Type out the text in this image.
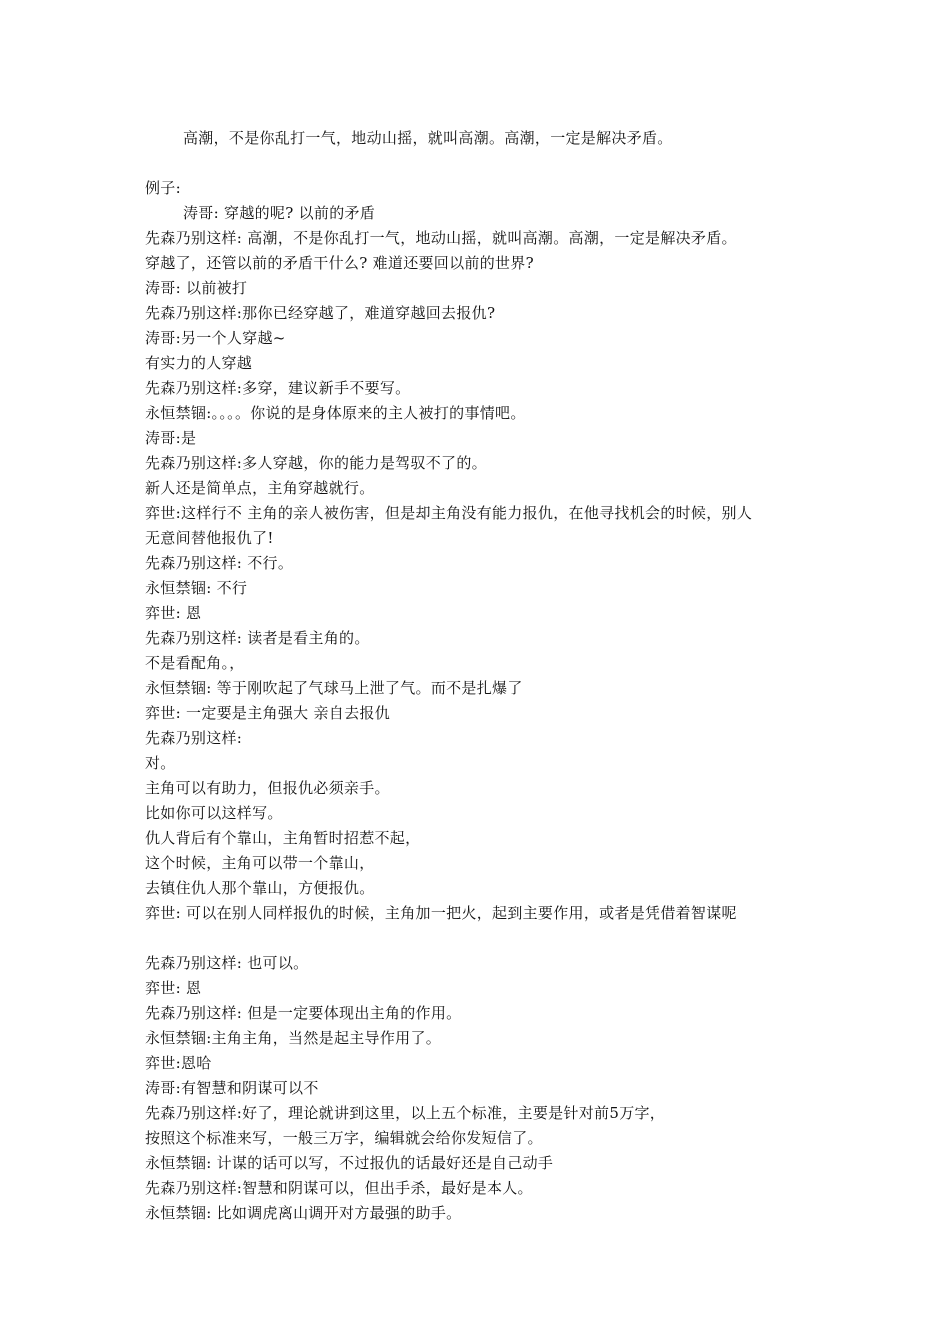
高潮，不是你乱打一气，地动山摇，就叫高潮。高潮，一定是解决矛盾。
例子:
涛哥: 穿越的呢? 以前的矛盾
先森乃别这样: 高潮，不是你乱打一气，地动山摇，就叫高潮。高潮，一定是解决矛盾。
穿越了，还管以前的矛盾干什么? 难道还要回以前的世界?
涛哥: 以前被打
先森乃别这样:那你已经穿越了，难道穿越回去报仇?
涛哥:另一个人穿越~
有实力的人穿越
先森乃别这样:多穿，建议新手不要写。
永恒禁锢:。。。。你说的是身体原来的主人被打的事情吧。
涛哥:是
先森乃别这样:多人穿越，你的能力是驾驭不了的。
新人还是简单点，主角穿越就行。
弈世:这样行不 主角的亲人被伤害，但是却主角没有能力报仇，在他寻找机会的时候，别人
无意间替他报仇了!
先森乃别这样: 不行。
永恒禁锢: 不行
弈世: 恩
先森乃别这样: 读者是看主角的。
不是看配角。，
永恒禁锢: 等于刚吹起了气球马上泄了气。而不是扎爆了
弈世: 一定要是主角强大 亲自去报仇
先森乃别这样:
对。
主角可以有助力，但报仇必须亲手。
比如你可以这样写。
仇人背后有个靠山，主角暂时招惹不起，
这个时候，主角可以带一个靠山，
去镇住仇人那个靠山，方便报仇。
弈世: 可以在别人同样报仇的时候，主角加一把火，起到主要作用，或者是凭借着智谋呢
先森乃别这样: 也可以。
弈世: 恩
先森乃别这样: 但是一定要体现出主角的作用。
永恒禁锢:主角主角，当然是起主导作用了。
弈世:恩哈
涛哥:有智慧和阴谋可以不
先森乃别这样:好了，理论就讲到这里，以上五个标准，主要是针对前5万字，
按照这个标准来写，一般三万字，编辑就会给你发短信了。
永恒禁锢: 计谋的话可以写，不过报仇的话最好还是自己动手
先森乃别这样:智慧和阴谋可以，但出手杀，最好是本人。
永恒禁锢: 比如调虎离山调开对方最强的助手。
